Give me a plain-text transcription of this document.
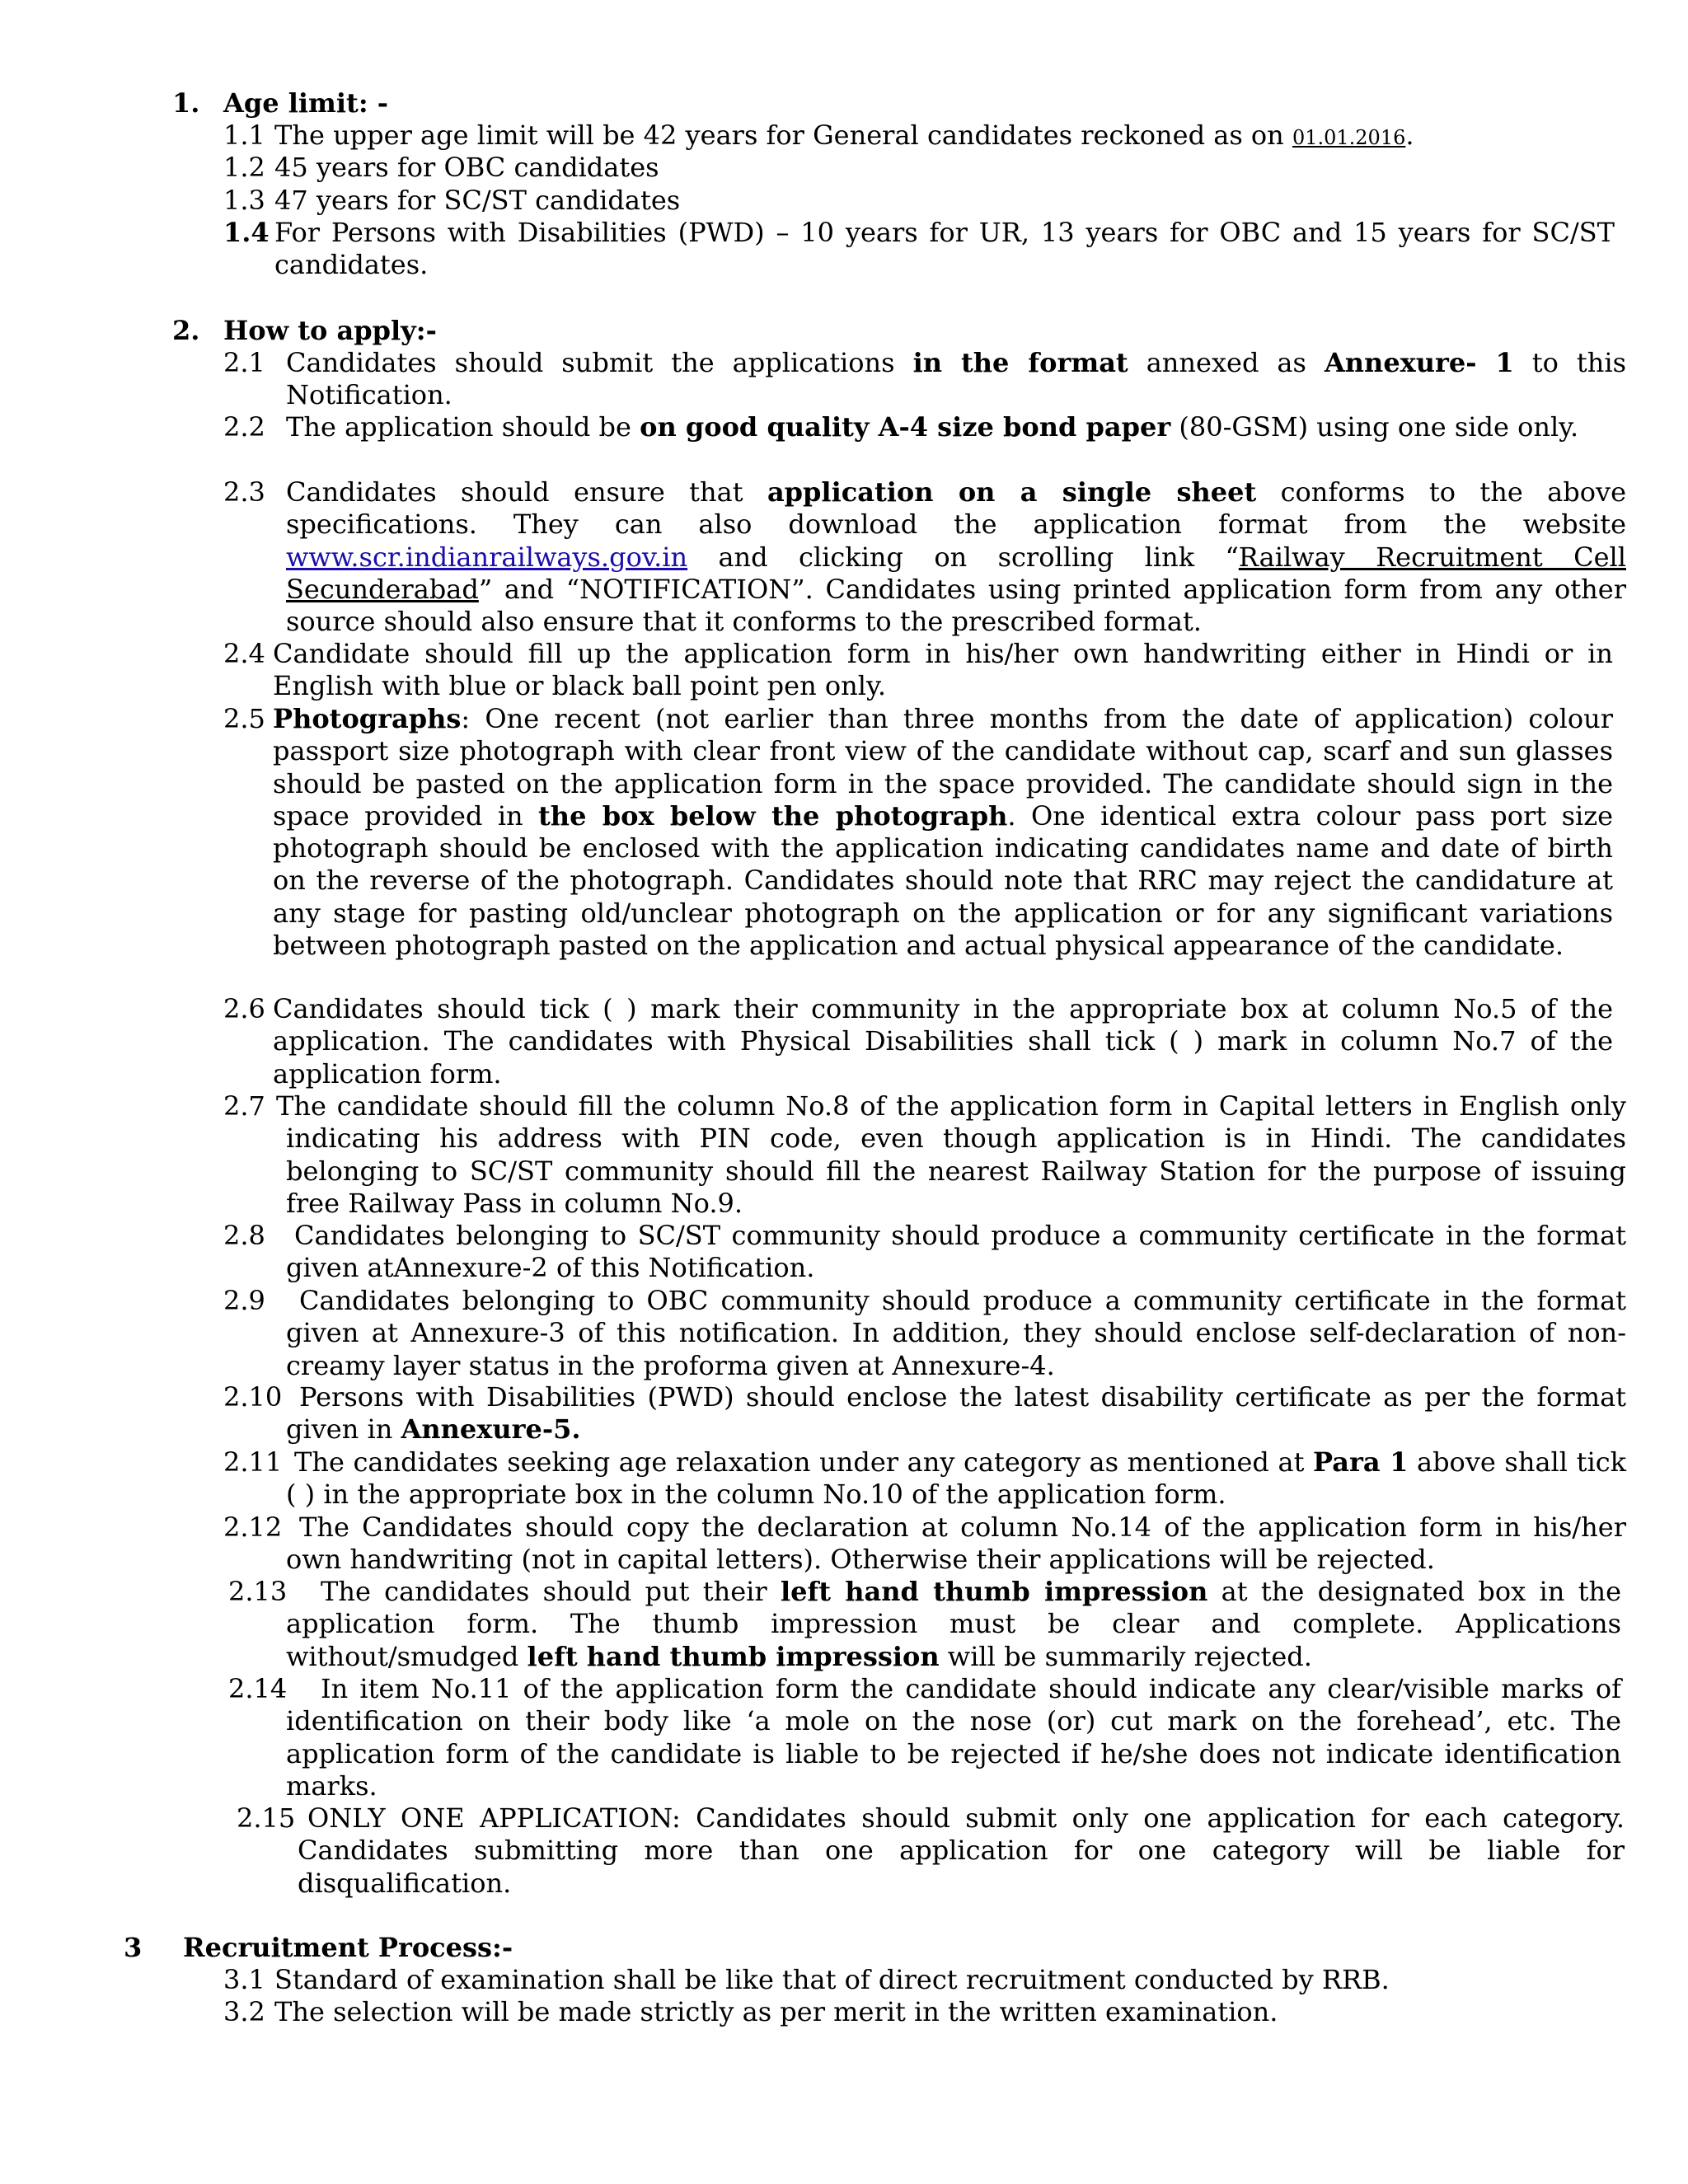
1. Age limit: -

1.1 The upper age limit will be 42 years for General candidates reckoned as on 01.01.2016.

1.2 45 years for OBC candidates

1.3 47 years for SC/ST candidates

1.4 For Persons with Disabilities (PWD) – 10 years for UR, 13 years for OBC and 15 years for SC/ST candidates.

2. How to apply:-

2.1 Candidates should submit the applications in the format annexed as Annexure- 1 to this Notification.

2.2 The application should be on good quality A-4 size bond paper (80-GSM) using one side only.

2.3 Candidates should ensure that application on a single sheet conforms to the above specifications. They can also download the application format from the website www.scr.indianrailways.gov.in and clicking on scrolling link “Railway Recruitment Cell Secunderabad” and “NOTIFICATION”. Candidates using printed application form from any other source should also ensure that it conforms to the prescribed format.

2.4 Candidate should fill up the application form in his/her own handwriting either in Hindi or in English with blue or black ball point pen only.

2.5 Photographs: One recent (not earlier than three months from the date of application) colour passport size photograph with clear front view of the candidate without cap, scarf and sun glasses should be pasted on the application form in the space provided. The candidate should sign in the space provided in the box below the photograph. One identical extra colour pass port size photograph should be enclosed with the application indicating candidates name and date of birth on the reverse of the photograph. Candidates should note that RRC may reject the candidature at any stage for pasting old/unclear photograph on the application or for any significant variations between photograph pasted on the application and actual physical appearance of the candidate.

2.6 Candidates should tick ( ) mark their community in the appropriate box at column No.5 of the application. The candidates with Physical Disabilities shall tick ( ) mark in column No.7 of the application form.

2.7 The candidate should fill the column No.8 of the application form in Capital letters in English only indicating his address with PIN code, even though application is in Hindi. The candidates belonging to SC/ST community should fill the nearest Railway Station for the purpose of issuing free Railway Pass in column No.9.

2.8 Candidates belonging to SC/ST community should produce a community certificate in the format given atAnnexure-2 of this Notification.

2.9 Candidates belonging to OBC community should produce a community certificate in the format given at Annexure-3 of this notification. In addition, they should enclose self-declaration of non-creamy layer status in the proforma given at Annexure-4.

2.10 Persons with Disabilities (PWD) should enclose the latest disability certificate as per the format given in Annexure-5.

2.11 The candidates seeking age relaxation under any category as mentioned at Para 1 above shall tick ( ) in the appropriate box in the column No.10 of the application form.

2.12 The Candidates should copy the declaration at column No.14 of the application form in his/her own handwriting (not in capital letters). Otherwise their applications will be rejected.

2.13 The candidates should put their left hand thumb impression at the designated box in the application form. The thumb impression must be clear and complete. Applications without/smudged left hand thumb impression will be summarily rejected.

2.14 In item No.11 of the application form the candidate should indicate any clear/visible marks of identification on their body like ‘a mole on the nose (or) cut mark on the forehead’, etc. The application form of the candidate is liable to be rejected if he/she does not indicate identification marks.

2.15 ONLY ONE APPLICATION: Candidates should submit only one application for each category. Candidates submitting more than one application for one category will be liable for disqualification.

3 Recruitment Process:-

3.1 Standard of examination shall be like that of direct recruitment conducted by RRB.

3.2 The selection will be made strictly as per merit in the written examination.
